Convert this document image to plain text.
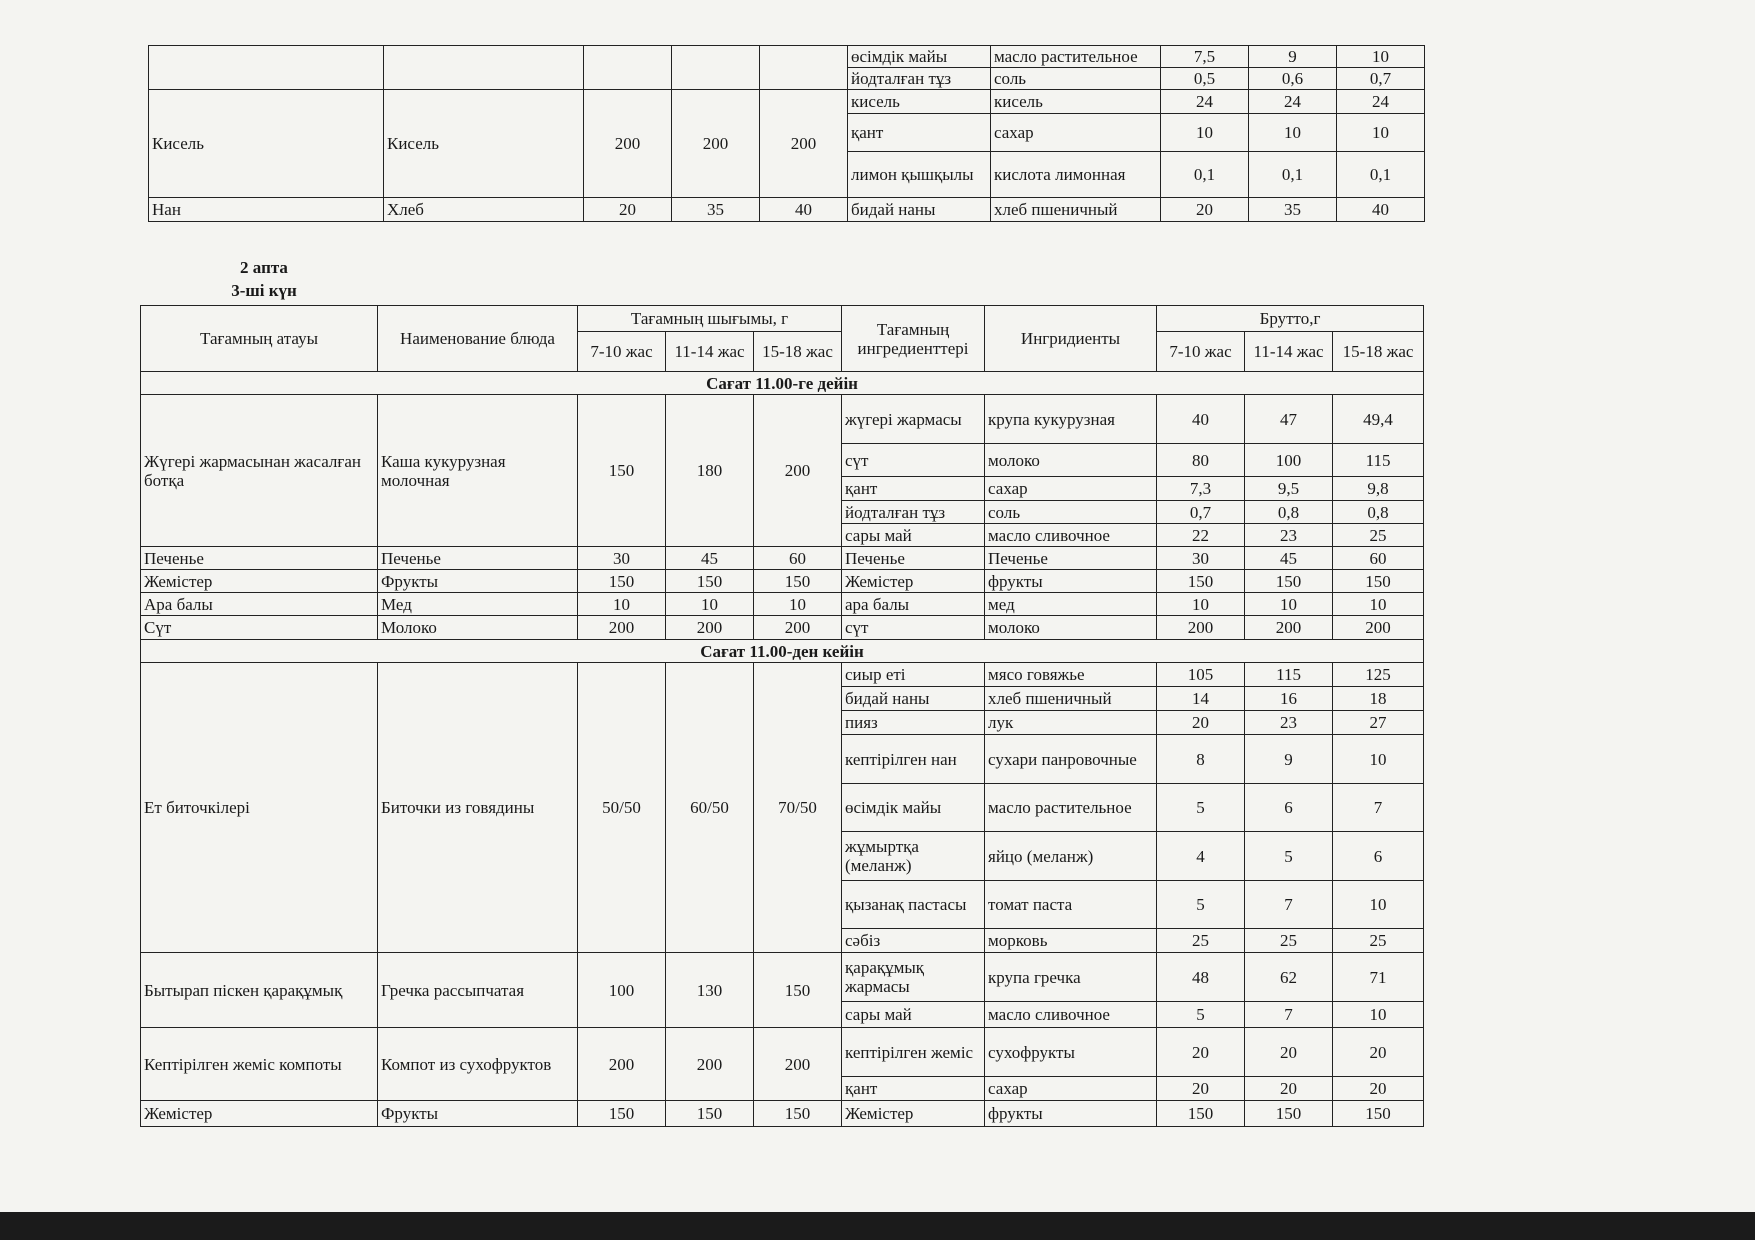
					өсімдік майы	масло растительное	7,5	9	10
					йодталған тұз	соль	0,5	0,6	0,7
Кисель	Кисель	200	200	200	кисель	кисель	24	24	24
					қант	сахар	10	10	10
					лимон қышқылы	кислота лимонная	0,1	0,1	0,1
Нан	Хлеб	20	35	40	бидай наны	хлеб пшеничный	20	35	40
2 апта
3-ші күн
Тағамның атауы	Наименование блюда	Тағамның шығымы, г			Тағамның ингредиенттері	Ингридиенты	Брутто,г		
		7-10 жас	11-14 жас	15-18 жас			7-10 жас	11-14 жас	15-18 жас
Сағат 11.00-ге дейін									
Жүгері жармасынан жасалған ботқа	Каша кукурузная молочная	150	180	200	жүгері жармасы	крупа кукурузная	40	47	49,4
					сүт	молоко	80	100	115
					қант	сахар	7,3	9,5	9,8
					йодталған тұз	соль	0,7	0,8	0,8
					сары май	масло сливочное	22	23	25
Печенье	Печенье	30	45	60	Печенье	Печенье	30	45	60
Жемістер	Фрукты	150	150	150	Жемістер	фрукты	150	150	150
Ара балы	Мед	10	10	10	ара балы	мед	10	10	10
Сүт	Молоко	200	200	200	сүт	молоко	200	200	200
Сағат 11.00-ден кейін									
Ет биточкілері	Биточки из говядины	50/50	60/50	70/50	сиыр еті	мясо говяжье	105	115	125
					бидай наны	хлеб пшеничный	14	16	18
					пияз	лук	20	23	27
					кептірілген нан	сухари панровочные	8	9	10
					өсімдік майы	масло растительное	5	6	7
					жұмыртқа (меланж)	яйцо (меланж)	4	5	6
					қызанақ пастасы	томат паста	5	7	10
					сәбіз	морковь	25	25	25
Бытырап піскен қарақұмық	Гречка рассыпчатая	100	130	150	қарақұмық жармасы	крупа гречка	48	62	71
					сары май	масло сливочное	5	7	10
Кептірілген жеміс компоты	Компот из сухофруктов	200	200	200	кептірілген жеміс	сухофрукты	20	20	20
					қант	сахар	20	20	20
Жемістер	Фрукты	150	150	150	Жемістер	фрукты	150	150	150
